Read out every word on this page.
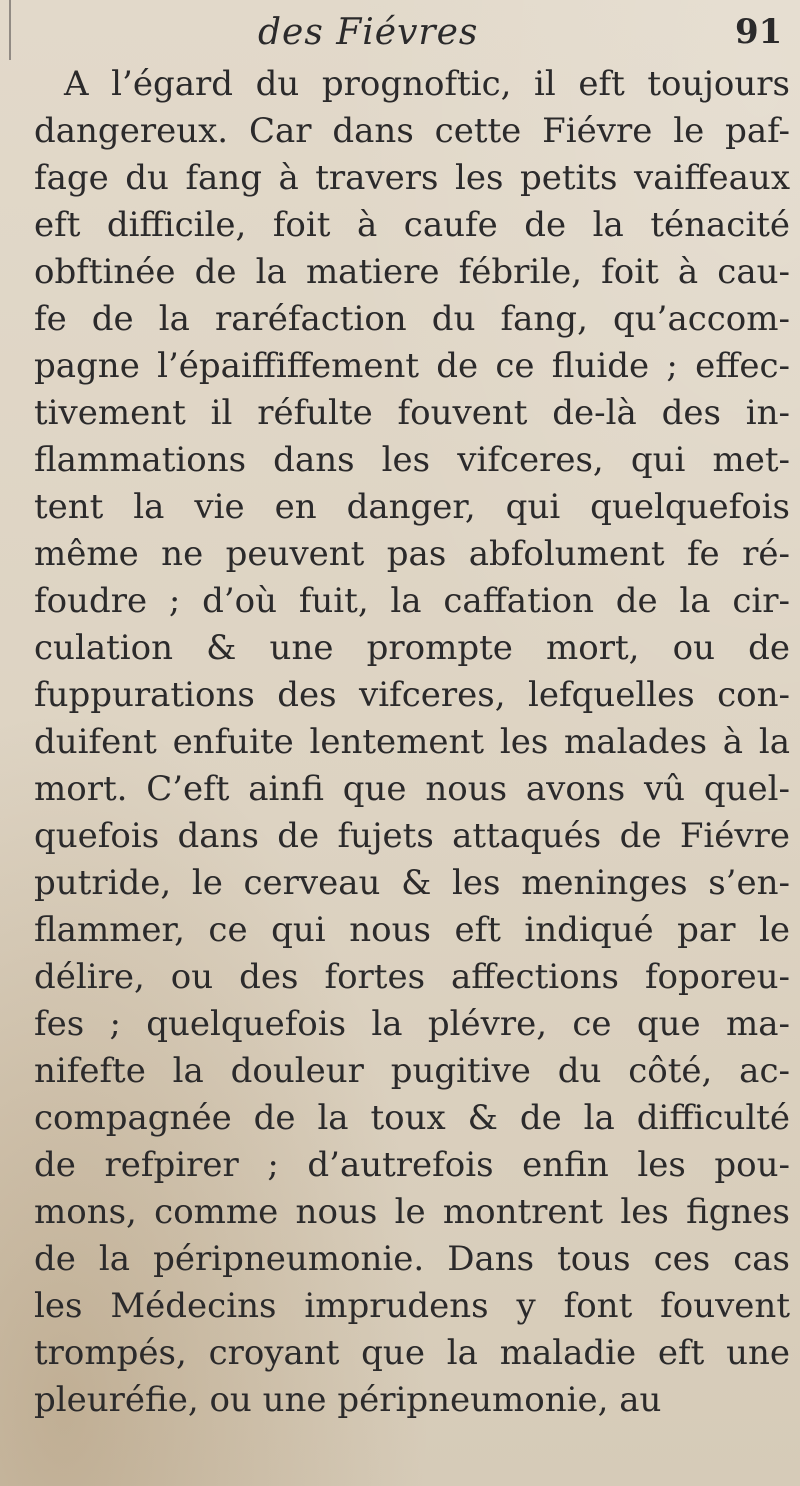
des Fiévres	91
A l’égard du prognoftic, il eft toujours
dangereux. Car dans cette Fiévre le paf-
fage du fang à travers les petits vaiffeaux
eft difficile, foit à caufe de la ténacité
obftinée de la matiere fébrile, foit à cau-
fe de la raréfaction du fang, qu’accom-
pagne l’épaiffiffement de ce fluide ; effec-
tivement il réfulte fouvent de-là des in-
flammations dans les vifceres, qui met-
tent la vie en danger, qui quelquefois
même ne peuvent pas abfolument fe ré-
foudre ; d’où fuit, la caffation de la cir-
culation & une prompte mort, ou de
fuppurations des vifceres, lefquelles con-
duifent enfuite lentement les malades à la
mort. C’eft ainfi que nous avons vû quel-
quefois dans de fujets attaqués de Fiévre
putride, le cerveau & les meninges s’en-
flammer, ce qui nous eft indiqué par le
délire, ou des fortes affections foporeu-
fes ; quelquefois la plévre, ce que ma-
nifefte la douleur pugitive du côté, ac-
compagnée de la toux & de la difficulté
de refpirer ; d’autrefois enfin les pou-
mons, comme nous le montrent les fignes
de la péripneumonie. Dans tous ces cas
les Médecins imprudens y font fouvent
trompés, croyant que la maladie eft une
pleuréfie, ou une péripneumonie, au
